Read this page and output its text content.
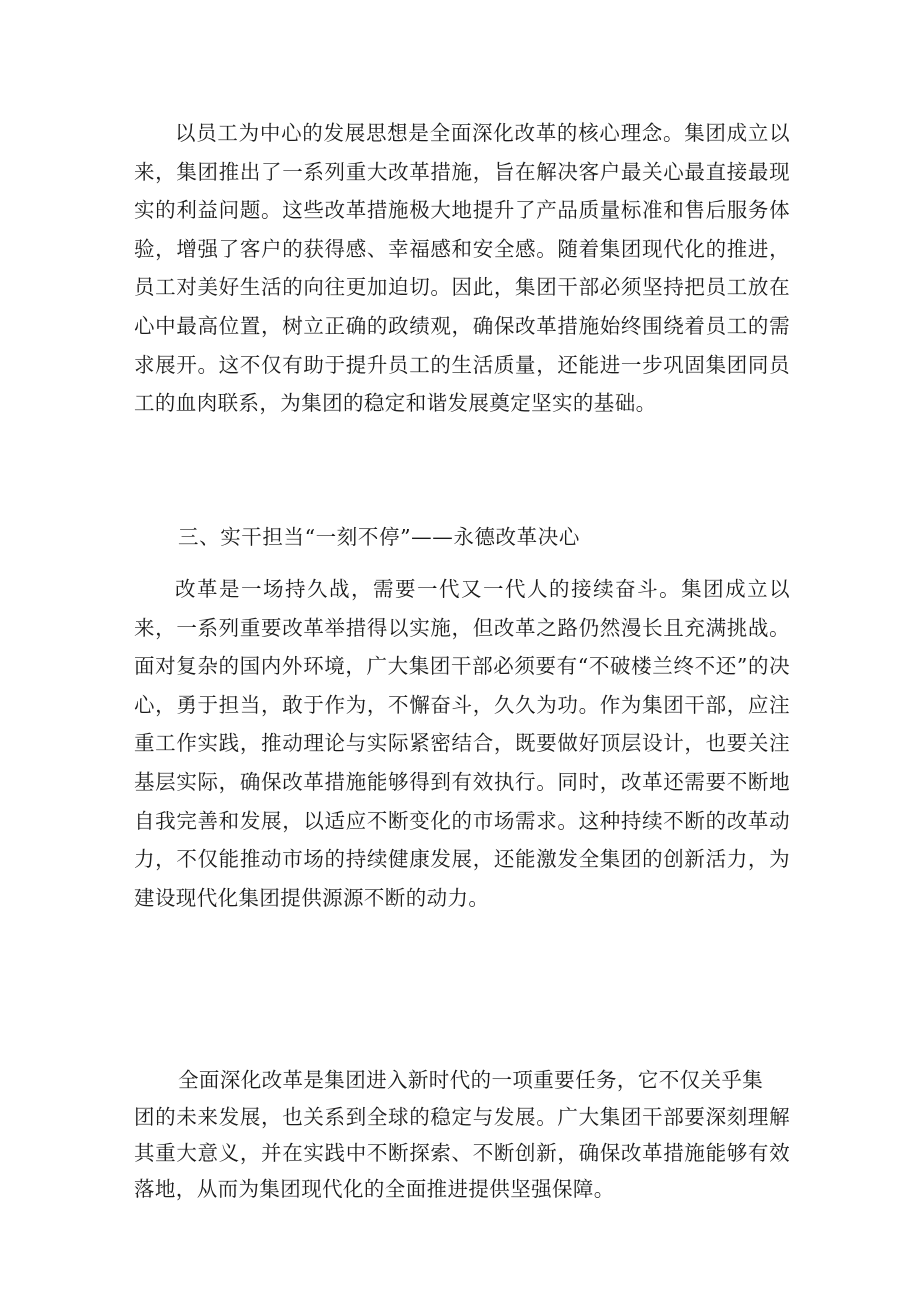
以员工为中心的发展思想是全面深化改革的核心理念。集团成立以来，集团推出了一系列重大改革措施，旨在解决客户最关心最直接最现实的利益问题。这些改革措施极大地提升了产品质量标准和售后服务体验，增强了客户的获得感、幸福感和安全感。随着集团现代化的推进，员工对美好生活的向往更加迫切。因此，集团干部必须坚持把员工放在心中最高位置，树立正确的政绩观，确保改革措施始终围绕着员工的需求展开。这不仅有助于提升员工的生活质量，还能进一步巩固集团同员工的血肉联系，为集团的稳定和谐发展奠定坚实的基础。

三、实干担当“一刻不停”——永德改革决心

改革是一场持久战，需要一代又一代人的接续奋斗。集团成立以来，一系列重要改革举措得以实施，但改革之路仍然漫长且充满挑战。面对复杂的国内外环境，广大集团干部必须要有“不破楼兰终不还”的决心，勇于担当，敢于作为，不懈奋斗，久久为功。作为集团干部，应注重工作实践，推动理论与实际紧密结合，既要做好顶层设计，也要关注基层实际，确保改革措施能够得到有效执行。同时，改革还需要不断地自我完善和发展，以适应不断变化的市场需求。这种持续不断的改革动力，不仅能推动市场的持续健康发展，还能激发全集团的创新活力，为建设现代化集团提供源源不断的动力。

全面深化改革是集团进入新时代的一项重要任务，它不仅关乎集

团的未来发展，也关系到全球的稳定与发展。广大集团干部要深刻理解其重大意义，并在实践中不断探索、不断创新，确保改革措施能够有效落地，从而为集团现代化的全面推进提供坚强保障。
